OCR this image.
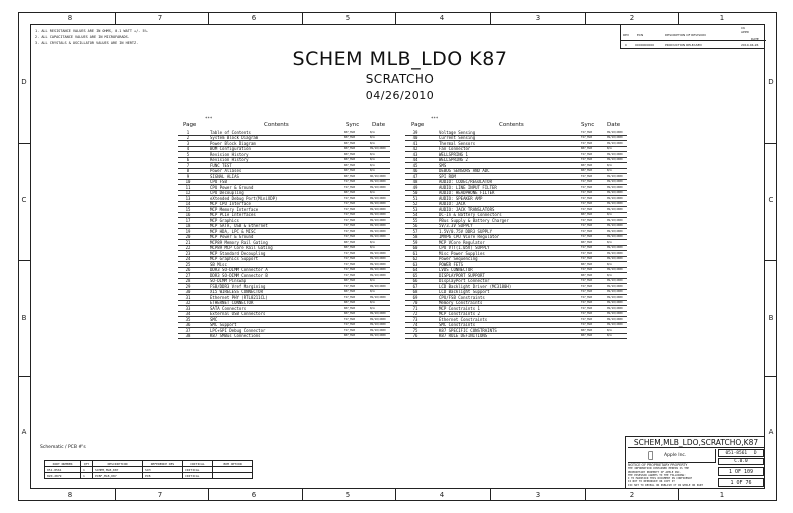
8
8
7
7
6
6
5
5
4
4
3
3
2
2
1
1
D	D
C	C
B	B
A	A
1. ALL RESISTANCE VALUES ARE IN OHMS, 0.1 WATT +/- 5%.
2. ALL CAPACITANCE VALUES ARE IN MICROFARADS.
3. ALL CRYSTALS & OSCILLATOR VALUES ARE IN HERTZ.
REV	ECN	DESCRIPTION OF REVISION
CK
APPD
DATE
C	0000000000	PRODUCTION RELEASED	2010-04-26
SCHEM MLB_LDO K87
SCRATCHO
04/26/2010
***
Page	Contents	Sync Date
1	Table of Contents	K87_MLB	N/A
2	System Block Diagram	K87_MLB	N/A
3	Power Block Diagram	K87_MLB	N/A
4	BOM Configuration	K87_MLB	09/10/2009
5	Revision History	K87_MLB	N/A
6	Revision History	K87_MLB	N/A
7	FUNC TEST	K87_MLB	N/A
8	Power Aliases	K87_MLB	N/A
9	SIGNAL ALIAS	K87_MLB	06/16/2009
10	CPU FSB	T27_MLB	09/10/2009
11	CPU Power & Ground	T27_MLB	09/10/2009
12	CPU Decoupling	K87_MLB	N/A
13	eXtended Debug Port(MiniXDP)	T27_MLB	09/10/2009
14	MCP CPU Interface	T27_MLB	09/10/2009
15	MCP Memory Interface	T27_MLB	09/10/2009
16	MCP PCIe Interfaces	T27_MLB	09/10/2009
17	MCP Graphics	T27_MLB	09/10/2009
18	MCP SATA, USB & Ethernet	T27_MLB	09/10/2009
19	MCP HDA, LPC & MISC	T27_MLB	09/10/2009
20	MCP Power & Ground	T27_MLB	09/10/2009
21	MCP89 Memory Rail Gating	K87_MLB	N/A
22	MCP89 MCP Core Rail Gating	K87_MLB	N/A
23	MCP Standard Decoupling	T27_MLB	09/10/2009
24	MCP Graphics Support	T27_MLB	09/10/2009
25	SB Misc	T27_MLB	09/10/2009
26	DDR3 SO-DIMM Connector A	T27_MLB	09/10/2009
27	DDR3 SO-DIMM Connector B	T27_MLB	09/10/2009
28	SO-DIMM Pinswap	K87_MLB	N/A
29	FSB/DDR3 Vref Margining	T27_MLB	09/10/2009
30	X15 WIRELESS CONNECTOR	K87_MLB	N/A
31	Ethernet PHY (RTL8211CL)	T27_MLB	09/10/2009
32	ETHERNET CONNECTOR	K87_MLB	N/A
33	SATA Connectors	K87_MLB	N/A
34	External USB Connectors	K87_MLB	09/10/2009
35	SMC	T27_MLB	09/10/2009
36	SMC Support	T27_MLB	09/10/2009
37	LPC+SPI Debug Connector	T27_MLB	09/10/2009
38	K87 SMBus Connections	K87_MLB	09/10/2009
***
Page	Contents	Sync Date
39	Voltage Sensing	T27_MLB	09/10/2009
40	Current Sensing	T27_MLB	09/10/2009
41	Thermal Sensors	T27_MLB	09/10/2009
42	Fan Connector	K87_MLB	N/A
43	WELLSPRING 1	T27_MLB	09/10/2009
44	WELLSPRING 2	T27_MLB	09/10/2009
45	SMS	K87_MLB	N/A
46	DEBUG SENSORS AND ADC	K87_MLB	N/A
47	SPI ROM	T27_MLB	09/10/2009
48	AUDIO: CODEC/REGULATOR	T27_MLB	09/10/2009
49	AUDIO: LINE INPUT FILTER	T27_MLB	09/10/2009
50	AUDIO: HEADPHONE FILTER	T27_MLB	09/10/2009
51	AUDIO: SPEAKER AMP	T27_MLB	09/10/2009
52	AUDIO: JACK	T27_MLB	09/10/2009
53	AUDIO: JACK TRANSLATORS	T27_MLB	09/10/2009
54	DC-In & Battery Connectors	K87_MLB	N/A
55	PBus Supply & Battery Charger	T27_MLB	09/10/2009
56	5V/3.3V SUPPLY	T27_MLB	09/10/2009
57	1.5V/0.75V DDR3 SUPPLY	T27_MLB	09/10/2009
58	IMVP6 CPU VCore Regulator	T27_MLB	09/10/2009
59	MCP VCore Regulator	K87_MLB	N/A
60	CPU VTT(1.05V) SUPPLY	T27_MLB	09/10/2009
61	Misc Power Supplies	T27_MLB	09/10/2009
62	Power Sequencing	T27_MLB	09/10/2009
63	POWER FETS	K87_MLB	N/A
64	LVDS CONNECTOR	T27_MLB	09/10/2009
65	DISPLAYPORT SUPPORT	K87_MLB	N/A
66	DisplayPort Connector	T27_MLB	09/10/2009
67	LCD Backlight Driver (MC3180H)	T27_MLB	09/10/2009
68	LCD Backlight Support	T27_MLB	09/10/2009
69	CPU/FSB Constraints	T27_MLB	09/10/2009
70	Memory Constraints	T27_MLB	09/10/2009
71	MCP Constraints 1	T27_MLB	09/10/2009
72	MCP Constraints 2	T27_MLB	09/10/2009
73	Ethernet Constraints	T27_MLB	09/10/2009
74	SMC Constraints	T27_MLB	09/10/2009
75	K87 SPECIFIC CONSTRAINTS	K87_MLB	N/A
76	K87 RULE DEFINITIONS	K87_MLB	N/A
Schematic / PCB #'s
PART NUMBER	QTY	DESCRIPTION	REFERENCE DES	CRITICAL	BOM OPTION
051-8561	1	SCHEM,MLB,K87	SCH	CRITICAL	
820-2879	1	PCBF,MLB,K87	PCB	CRITICAL	
SCHEM,MLB_LDO,SCRATCHO,K87
Apple Inc.	051-8561 D
C.0.0
NOTICE OF PROPRIETARY PROPERTY
THE INFORMATION CONTAINED HEREIN IS THE
PROPRIETARY PROPERTY OF APPLE INC.
THE POSESSOR AGREES TO THE FOLLOWING:
I TO MAINTAIN THIS DOCUMENT IN CONFIDENCE
II NOT TO REPRODUCE OR COPY IT
III NOT TO REVEAL OR PUBLISH IT IN WHOLE OR PART
1 OF 109
1 OF 76
